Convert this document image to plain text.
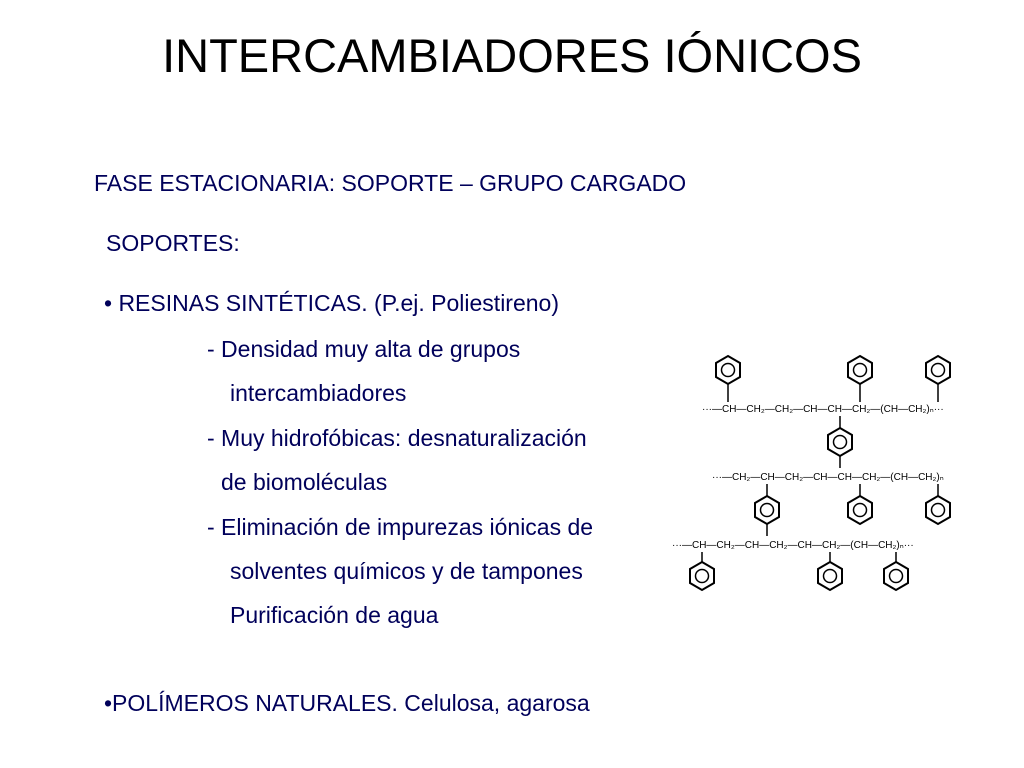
INTERCAMBIADORES IÓNICOS
FASE ESTACIONARIA: SOPORTE – GRUPO CARGADO
SOPORTES:
• RESINAS SINTÉTICAS. (P.ej. Poliestireno)
- Densidad muy alta de grupos
intercambiadores
- Muy hidrofóbicas: desnaturalización
de biomoléculas
- Eliminación de impurezas iónicas de
solventes químicos y de tampones
Purificación de agua
•POLÍMEROS NATURALES. Celulosa, agarosa
···—CH—CH₂—CH₂—CH—CH—CH₂—(CH—CH₂)ₙ···
···—CH₂—CH—CH₂—CH—CH—CH₂—(CH—CH₂)ₙ
···—CH—CH₂—CH—CH₂—CH—CH₂—(CH—CH₂)ₙ···
